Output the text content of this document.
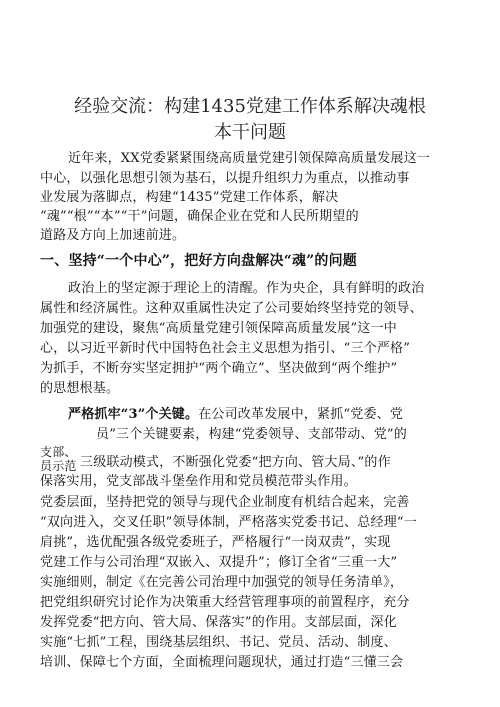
经验交流：构建1435党建工作体系解决魂根
本干问题
近年来，XX党委紧紧围绕高质量党建引领保障高质量发展这一
中心，以强化思想引领为基石，以提升组织力为重点，以推动事
业发展为落脚点，构建“1435”党建工作体系，解决
“魂”“根”“本”“干”问题，确保企业在党和人民所期望的
道路及方向上加速前进。
一、坚持“一个中心”，把好方向盘解决“魂”的问题
政治上的坚定源于理论上的清醒。作为央企，具有鲜明的政治
属性和经济属性。这种双重属性决定了公司要始终坚持党的领导、
加强党的建设，聚焦“高质量党建引领保障高质量发展”这一中
心，以习近平新时代中国特色社会主义思想为指引、“三个严格”
为抓手，不断夯实坚定拥护“两个确立”、坚决做到“两个维护”
的思想根基。
严格抓牢“3”个关键。在公司改革发展中，紧抓“党委、党
员”三个关键要素，构建“党委领导、支部带动、党”的
支部、
员示范 三级联动模式，不断强化党委“把方向、管大局、”的作
保落实用，党支部战斗堡垒作用和党员模范带头作用。
党委层面，坚持把党的领导与现代企业制度有机结合起来，完善
“双向进入，交叉任职”领导体制，严格落实党委书记、总经理“一
肩挑”，选优配强各级党委班子，严格履行“一岗双责”，实现
党建工作与公司治理“双嵌入、双提升”；修订全省“三重一大”
实施细则，制定《在完善公司治理中加强党的领导任务清单》，
把党组织研究讨论作为决策重大经营管理事项的前置程序，充分
发挥党委“把方向、管大局、保落实”的作用。支部层面，深化
实施“七抓”工程，围绕基层组织、书记、党员、活动、制度、
培训、保障七个方面，全面梳理问题现状，通过打造“三懂三会
